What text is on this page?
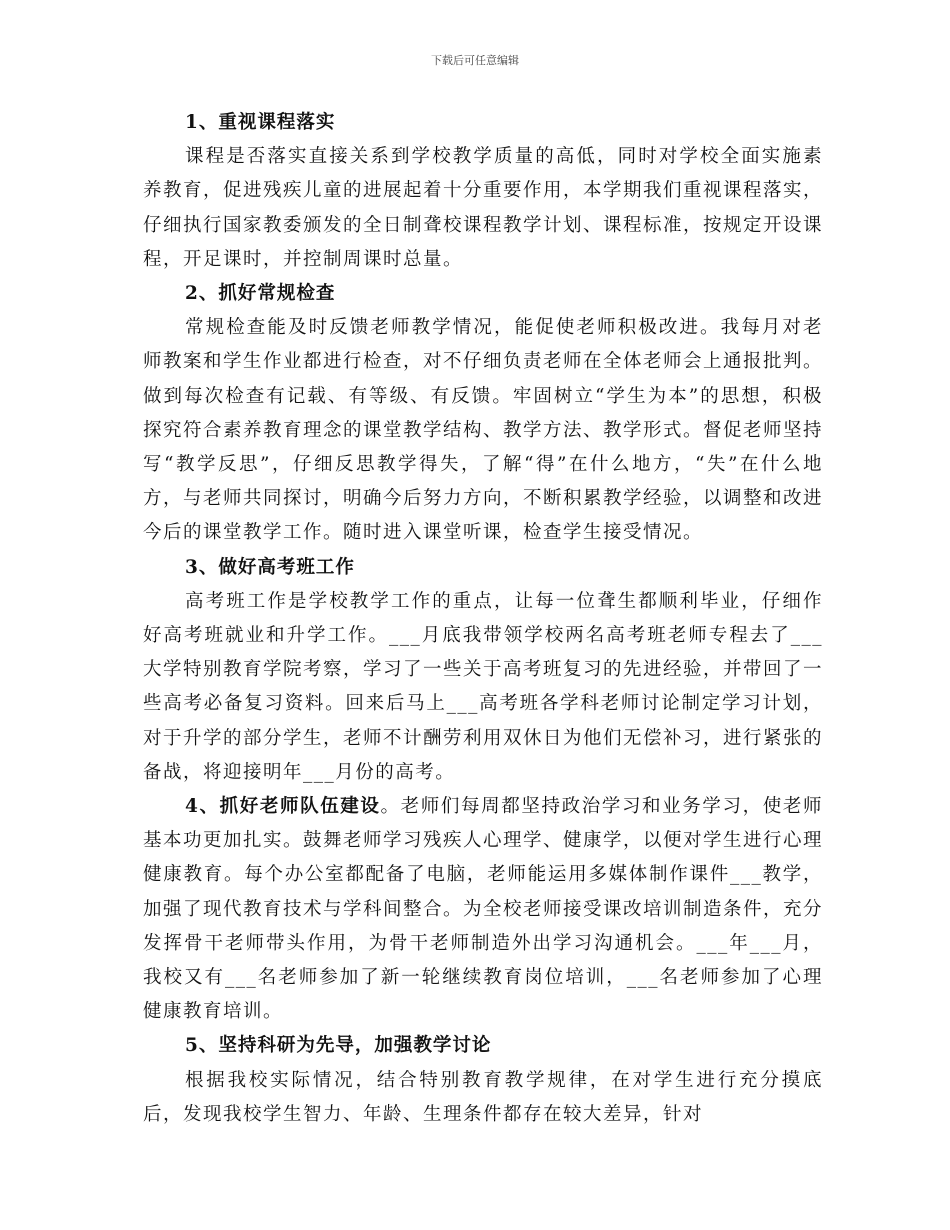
下载后可任意编辑

1、重视课程落实

课程是否落实直接关系到学校教学质量的高低，同时对学校全面实施素养教育，促进残疾儿童的进展起着十分重要作用，本学期我们重视课程落实，仔细执行国家教委颁发的全日制聋校课程教学计划、课程标准，按规定开设课程，开足课时，并控制周课时总量。

2、抓好常规检查

常规检查能及时反馈老师教学情况，能促使老师积极改进。我每月对老师教案和学生作业都进行检查，对不仔细负责老师在全体老师会上通报批判。做到每次检查有记载、有等级、有反馈。牢固树立“学生为本”的思想，积极探究符合素养教育理念的课堂教学结构、教学方法、教学形式。督促老师坚持写“教学反思”，仔细反思教学得失，了解“得”在什么地方，“失”在什么地方，与老师共同探讨，明确今后努力方向，不断积累教学经验，以调整和改进今后的课堂教学工作。随时进入课堂听课，检查学生接受情况。

3、做好高考班工作

高考班工作是学校教学工作的重点，让每一位聋生都顺利毕业，仔细作好高考班就业和升学工作。___月底我带领学校两名高考班老师专程去了___大学特别教育学院考察，学习了一些关于高考班复习的先进经验，并带回了一些高考必备复习资料。回来后马上___高考班各学科老师讨论制定学习计划，对于升学的部分学生，老师不计酬劳利用双休日为他们无偿补习，进行紧张的备战，将迎接明年___月份的高考。

4、抓好老师队伍建设。老师们每周都坚持政治学习和业务学习，使老师基本功更加扎实。鼓舞老师学习残疾人心理学、健康学，以便对学生进行心理健康教育。每个办公室都配备了电脑，老师能运用多媒体制作课件___教学，加强了现代教育技术与学科间整合。为全校老师接受课改培训制造条件，充分发挥骨干老师带头作用，为骨干老师制造外出学习沟通机会。___年___月，我校又有___名老师参加了新一轮继续教育岗位培训，___名老师参加了心理健康教育培训。

5、坚持科研为先导，加强教学讨论

根据我校实际情况，结合特别教育教学规律，在对学生进行充分摸底后，发现我校学生智力、年龄、生理条件都存在较大差异，针对
